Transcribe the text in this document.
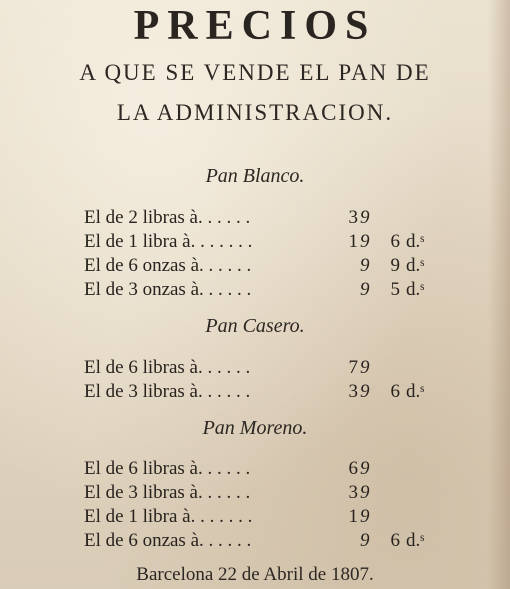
PRECIOS
A QUE SE VENDE EL PAN DE
LA ADMINISTRACION.
Pan Blanco.
El de 2 libras à. . . . . .	3 9
El de 1 libra à. . . . . . .	1 9	6 d.ˢ
El de 6 onzas à. . . . . .	9	9 d.ˢ
El de 3 onzas à. . . . . .	9	5 d.ˢ
Pan Casero.
El de 6 libras à. . . . . .	7 9
El de 3 libras à. . . . . .	3 9	6 d.ˢ
Pan Moreno.
El de 6 libras à. . . . . .	6 9
El de 3 libras à. . . . . .	3 9
El de 1 libra à. . . . . . .	1 9
El de 6 onzas à. . . . . .	9	6 d.ˢ
Barcelona 22 de Abril de 1807.
